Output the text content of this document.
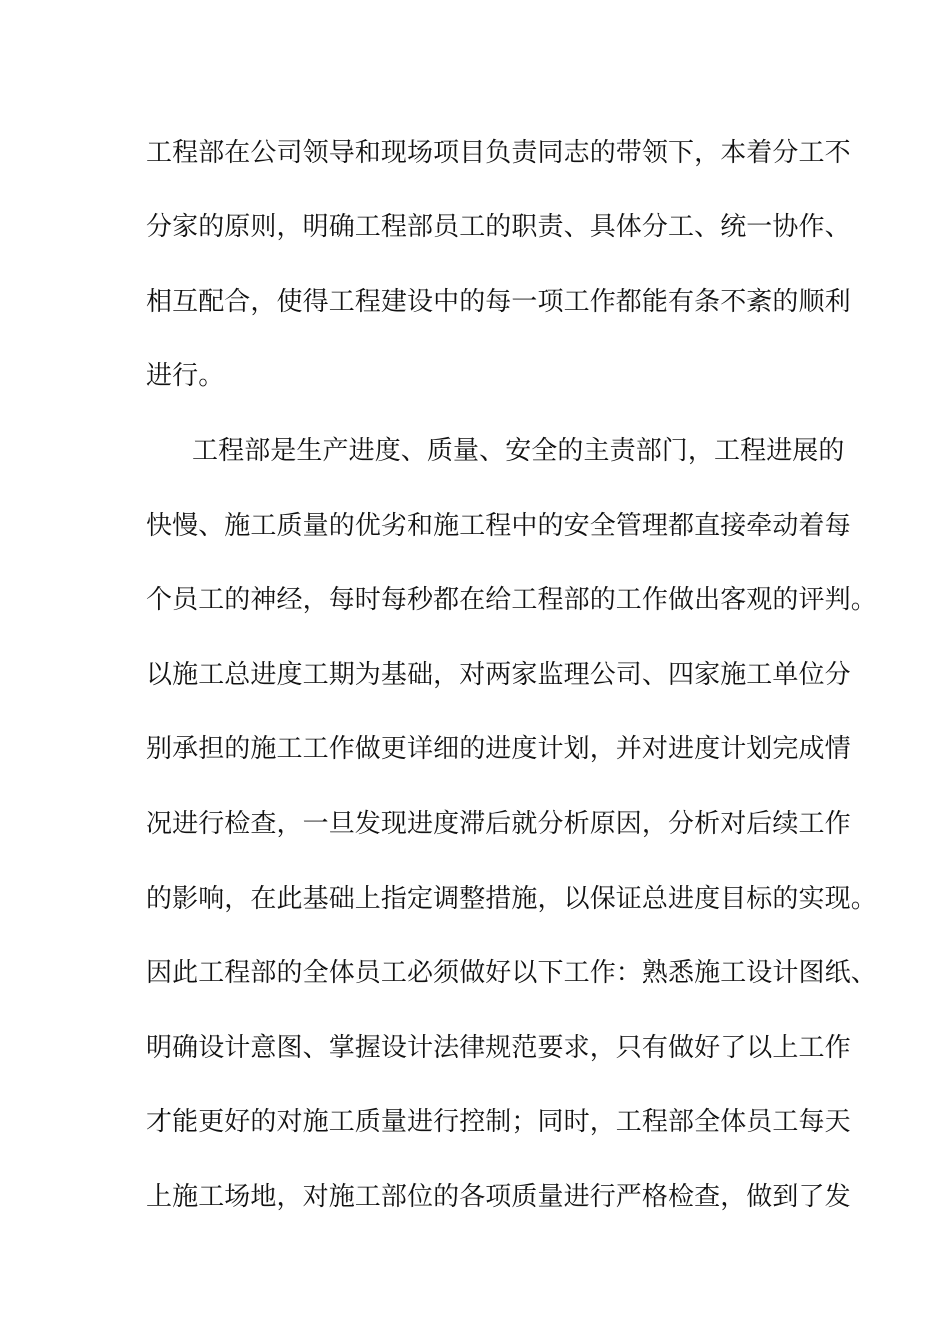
工程部在公司领导和现场项目负责同志的带领下，本着分工不
分家的原则，明确工程部员工的职责、具体分工、统一协作、
相互配合，使得工程建设中的每一项工作都能有条不紊的顺利
进行。
工程部是生产进度、质量、安全的主责部门，工程进展的
快慢、施工质量的优劣和施工程中的安全管理都直接牵动着每
个员工的神经，每时每秒都在给工程部的工作做出客观的评判。
以施工总进度工期为基础，对两家监理公司、四家施工单位分
别承担的施工工作做更详细的进度计划，并对进度计划完成情
况进行检查，一旦发现进度滞后就分析原因，分析对后续工作
的影响，在此基础上指定调整措施，以保证总进度目标的实现。
因此工程部的全体员工必须做好以下工作：熟悉施工设计图纸、
明确设计意图、掌握设计法律规范要求，只有做好了以上工作
才能更好的对施工质量进行控制；同时，工程部全体员工每天
上施工场地，对施工部位的各项质量进行严格检查，做到了发
